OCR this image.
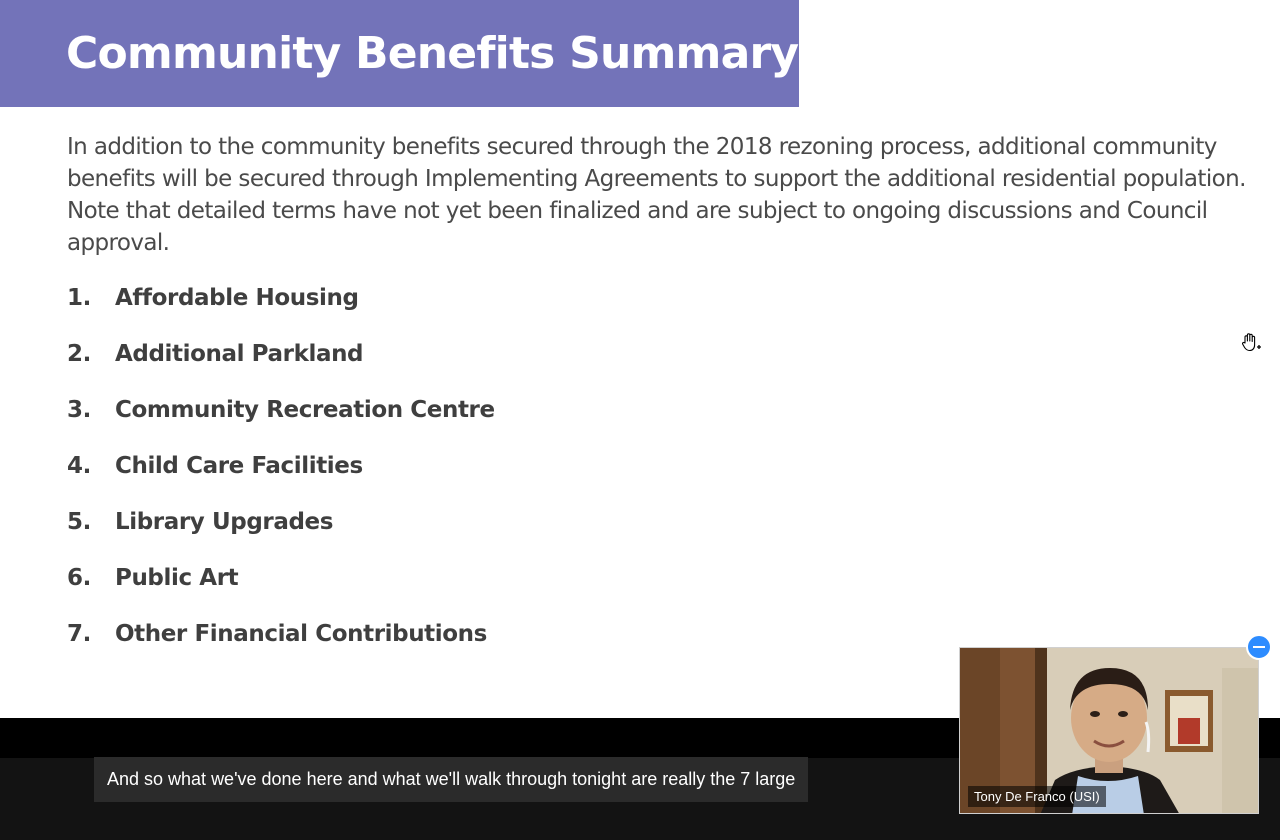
Community Benefits Summary

In addition to the community benefits secured through the 2018 rezoning process, additional community benefits will be secured through Implementing Agreements to support the additional residential population. Note that detailed terms have not yet been finalized and are subject to ongoing discussions and Council approval.

1.	Affordable Housing
2.	Additional Parkland
3.	Community Recreation Centre
4.	Child Care Facilities
5.	Library Upgrades
6.	Public Art
7.	Other Financial Contributions
And so what we've done here and what we'll walk through tonight are really the 7 large
Tony De Franco (USI)
